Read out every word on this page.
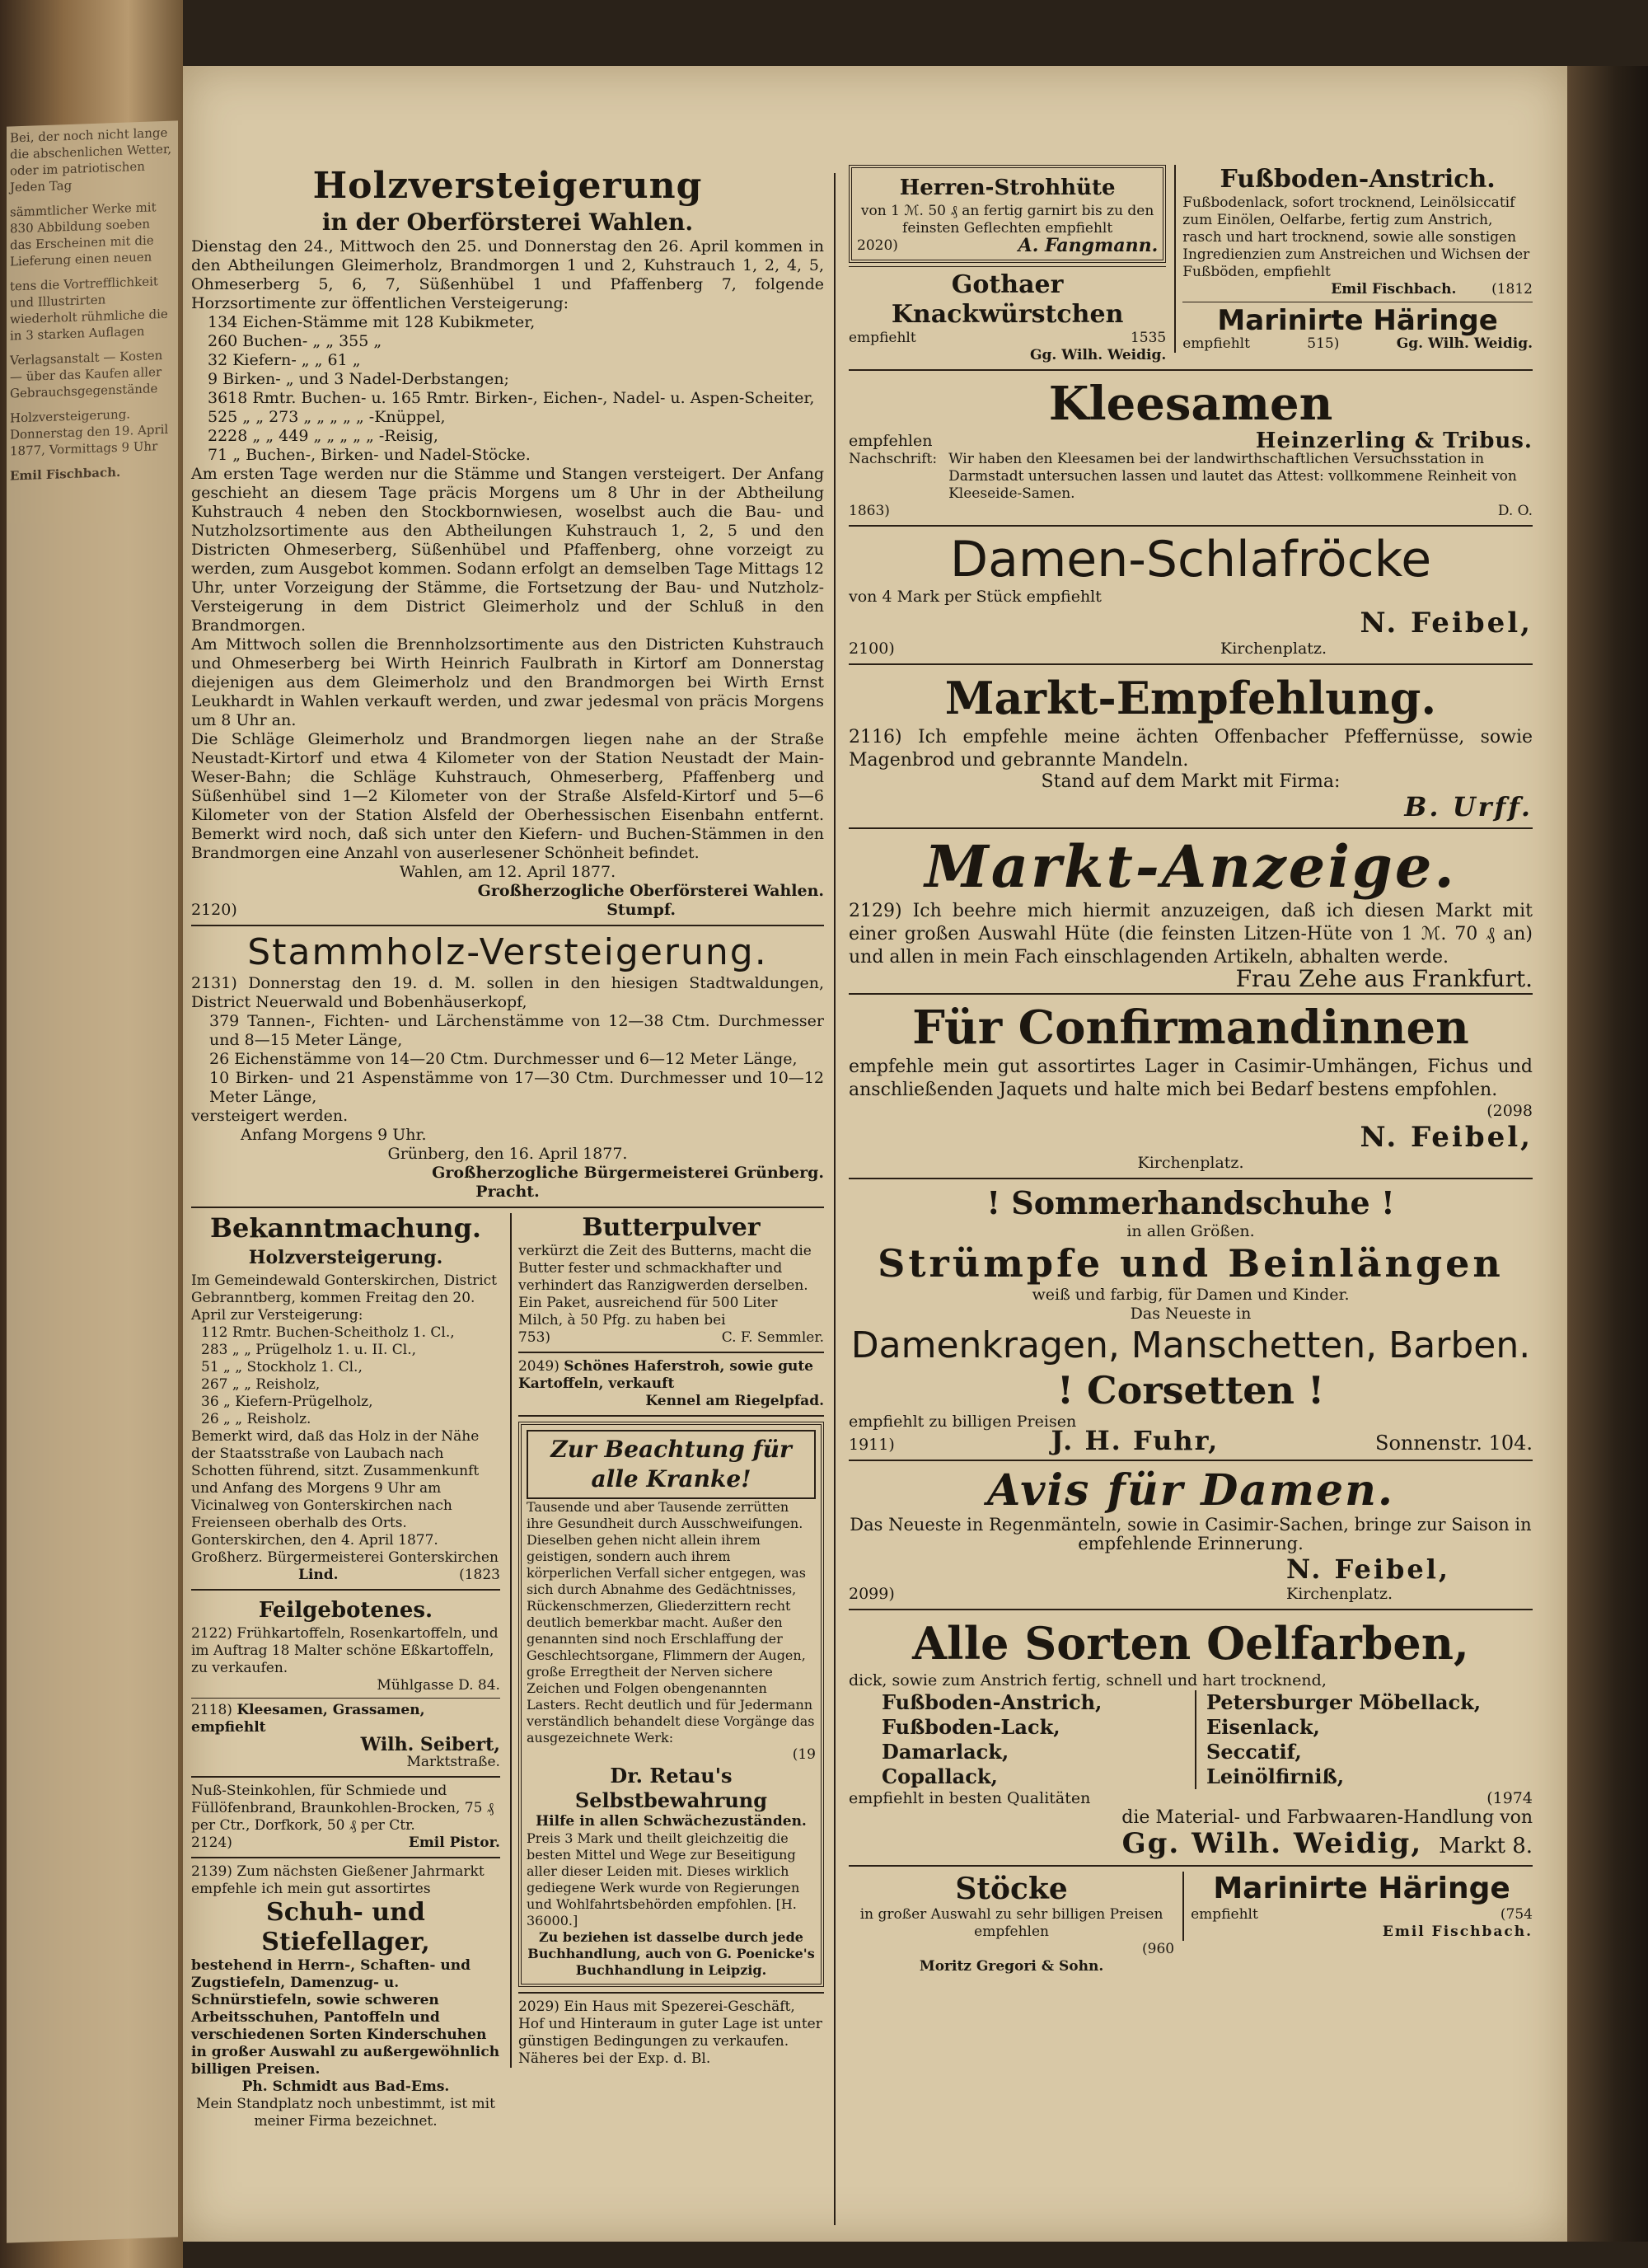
Bei, der noch nicht lange die abschenlichen Wetter, oder im patriotischen Jeden Tag

sämmtlicher Werke mit 830 Abbildung soeben das Erscheinen mit die Lieferung einen neuen

tens die Vortrefflichkeit und Illustrirten wiederholt rühmliche die in 3 starken Auflagen

Verlagsanstalt — Kosten — über das Kaufen aller Gebrauchsgegenstände

Holzversteigerung. Donnerstag den 19. April 1877, Vormittags 9 Uhr

Emil Fischbach.

Holzversteigerung
in der Oberförsterei Wahlen.
Dienstag den 24., Mittwoch den 25. und Donnerstag den 26. April kommen in den Abtheilungen Gleimerholz, Brandmorgen 1 und 2, Kuhstrauch 1, 2, 4, 5, Ohmeserberg 5, 6, 7, Süßenhübel 1 und Pfaffenberg 7, folgende Horzsortimente zur öffentlichen Versteigerung:
134 Eichen-Stämme mit 128 Kubikmeter,
260 Buchen- „ „ 355 „
32 Kiefern- „ „ 61 „
9 Birken- „ und 3 Nadel-Derbstangen;
3618 Rmtr. Buchen- u. 165 Rmtr. Birken-, Eichen-, Nadel- u. Aspen-Scheiter,
525 „ „ 273 „ „ „ „ „ -Knüppel,
2228 „ „ 449 „ „ „ „ „ -Reisig,
71 „ Buchen-, Birken- und Nadel-Stöcke.
Am ersten Tage werden nur die Stämme und Stangen versteigert. Der Anfang geschieht an diesem Tage präcis Morgens um 8 Uhr in der Abtheilung Kuhstrauch 4 neben den Stockbornwiesen, woselbst auch die Bau- und Nutzholzsortimente aus den Abtheilungen Kuhstrauch 1, 2, 5 und den Districten Ohmeserberg, Süßenhübel und Pfaffenberg, ohne vorzeigt zu werden, zum Ausgebot kommen. Sodann erfolgt an demselben Tage Mittags 12 Uhr, unter Vorzeigung der Stämme, die Fortsetzung der Bau- und Nutzholz-Versteigerung in dem District Gleimerholz und der Schluß in den Brandmorgen.
Am Mittwoch sollen die Brennholzsortimente aus den Districten Kuhstrauch und Ohmeserberg bei Wirth Heinrich Faulbrath in Kirtorf am Donnerstag diejenigen aus dem Gleimerholz und den Brandmorgen bei Wirth Ernst Leukhardt in Wahlen verkauft werden, und zwar jedesmal von präcis Morgens um 8 Uhr an.
Die Schläge Gleimerholz und Brandmorgen liegen nahe an der Straße Neustadt-Kirtorf und etwa 4 Kilometer von der Station Neustadt der Main-Weser-Bahn; die Schläge Kuhstrauch, Ohmeserberg, Pfaffenberg und Süßenhübel sind 1—2 Kilometer von der Straße Alsfeld-Kirtorf und 5—6 Kilometer von der Station Alsfeld der Oberhessischen Eisenbahn entfernt. Bemerkt wird noch, daß sich unter den Kiefern- und Buchen-Stämmen in den Brandmorgen eine Anzahl von auserlesener Schönheit befindet.
Wahlen, am 12. April 1877.
Großherzogliche Oberförsterei Wahlen.
2120)	Stumpf.
Stammholz-Versteigerung.
2131) Donnerstag den 19. d. M. sollen in den hiesigen Stadtwaldungen, District Neuerwald und Bobenhäuserkopf,
379 Tannen-, Fichten- und Lärchenstämme von 12—38 Ctm. Durchmesser und 8—15 Meter Länge,
26 Eichenstämme von 14—20 Ctm. Durchmesser und 6—12 Meter Länge,
10 Birken- und 21 Aspenstämme von 17—30 Ctm. Durchmesser und 10—12 Meter Länge,
versteigert werden.
Anfang Morgens 9 Uhr.
Grünberg, den 16. April 1877.
Großherzogliche Bürgermeisterei Grünberg.
Pracht.
Bekanntmachung.
Holzversteigerung.
Im Gemeindewald Gonterskirchen, District Gebranntberg, kommen Freitag den 20. April zur Versteigerung:
112 Rmtr. Buchen-Scheitholz 1. Cl.,
283 „ „ Prügelholz 1. u. II. Cl.,
51 „ „ Stockholz 1. Cl.,
267 „ „ Reisholz,
36 „ Kiefern-Prügelholz,
26 „ „ Reisholz.
Bemerkt wird, daß das Holz in der Nähe der Staatsstraße von Laubach nach Schotten führend, sitzt. Zusammenkunft und Anfang des Morgens 9 Uhr am Vicinalweg von Gonterskirchen nach Freienseen oberhalb des Orts.
Gonterskirchen, den 4. April 1877.
Großherz. Bürgermeisterei Gonterskirchen
Lind.	(1823
Feilgebotenes.
2122) Frühkartoffeln, Rosenkartoffeln, und im Auftrag 18 Malter schöne Eßkartoffeln, zu verkaufen.
Mühlgasse D. 84.
2118) Kleesamen, Grassamen, empfiehlt
Wilh. Seibert,
Marktstraße.
Nuß-Steinkohlen, für Schmiede und Füllöfenbrand, Braunkohlen-Brocken, 75 ₰ per Ctr., Dorfkork, 50 ₰ per Ctr.
2124)	Emil Pistor.
2139) Zum nächsten Gießener Jahrmarkt empfehle ich mein gut assortirtes
Schuh- und Stiefellager,
bestehend in Herrn-, Schaften- und Zugstiefeln, Damenzug- u. Schnürstiefeln, sowie schweren Arbeitsschuhen, Pantoffeln und verschiedenen Sorten Kinderschuhen in großer Auswahl zu außergewöhnlich billigen Preisen.
Ph. Schmidt aus Bad-Ems.
Mein Standplatz noch unbestimmt, ist mit meiner Firma bezeichnet.
Butterpulver
verkürzt die Zeit des Butterns, macht die Butter fester und schmackhafter und verhindert das Ranzigwerden derselben. Ein Paket, ausreichend für 500 Liter Milch, à 50 Pfg. zu haben bei
753)	C. F. Semmler.
2049) Schönes Haferstroh, sowie gute Kartoffeln, verkauft
Kennel am Riegelpfad.
Zur Beachtung für alle Kranke!
Tausende und aber Tausende zerrütten ihre Gesundheit durch Ausschweifungen. Dieselben gehen nicht allein ihrem geistigen, sondern auch ihrem körperlichen Verfall sicher entgegen, was sich durch Abnahme des Gedächtnisses, Rückenschmerzen, Gliederzittern recht deutlich bemerkbar macht. Außer den genannten sind noch Erschlaffung der Geschlechtsorgane, Flimmern der Augen, große Erregtheit der Nerven sichere Zeichen und Folgen obengenannten Lasters. Recht deutlich und für Jedermann verständlich behandelt diese Vorgänge das ausgezeichnete Werk:
(19
Dr. Retau's Selbstbewahrung
Hilfe in allen Schwächezuständen.
Preis 3 Mark und theilt gleichzeitig die besten Mittel und Wege zur Beseitigung aller dieser Leiden mit. Dieses wirklich gediegene Werk wurde von Regierungen und Wohlfahrtsbehörden empfohlen. [H. 36000.]
Zu beziehen ist dasselbe durch jede Buchhandlung, auch von G. Poenicke's Buchhandlung in Leipzig.
2029) Ein Haus mit Spezerei-Geschäft, Hof und Hinteraum in guter Lage ist unter günstigen Bedingungen zu verkaufen. Näheres bei der Exp. d. Bl.
Herren-Strohhüte
von 1 ℳ. 50 ₰ an fertig garnirt bis zu den feinsten Geflechten empfiehlt
2020)	A. Fangmann.
Gothaer Knackwürstchen
empfiehlt	1535
Gg. Wilh. Weidig.
Fußboden-Anstrich.
Fußbodenlack, sofort trocknend, Leinölsiccatif zum Einölen, Oelfarbe, fertig zum Anstrich, rasch und hart trocknend, sowie alle sonstigen Ingredienzien zum Anstreichen und Wichsen der Fußböden, empfiehlt
Emil Fischbach.	(1812
Marinirte Häringe
empfiehlt	515)	Gg. Wilh. Weidig.
Kleesamen
empfehlen	Heinzerling & Tribus.
Nachschrift: Wir haben den Kleesamen bei der landwirthschaftlichen Versuchsstation in Darmstadt untersuchen lassen und lautet das Attest: vollkommene Reinheit von Kleeseide-Samen.
1863)	D. O.
Damen-Schlafröcke
von 4 Mark per Stück empfiehlt
N. Feibel,
2100)	Kirchenplatz.
Markt-Empfehlung.
2116) Ich empfehle meine ächten Offenbacher Pfeffernüsse, sowie Magenbrod und gebrannte Mandeln.
Stand auf dem Markt mit Firma:
B. Urff.
Markt-Anzeige.
2129) Ich beehre mich hiermit anzuzeigen, daß ich diesen Markt mit einer großen Auswahl Hüte (die feinsten Litzen-Hüte von 1 ℳ. 70 ₰ an) und allen in mein Fach einschlagenden Artikeln, abhalten werde.
Frau Zehe aus Frankfurt.
Für Confirmandinnen
empfehle mein gut assortirtes Lager in Casimir-Umhängen, Fichus und anschließenden Jaquets und halte mich bei Bedarf bestens empfohlen.
(2098
N. Feibel,
Kirchenplatz.
! Sommerhandschuhe !
in allen Größen.
Strümpfe und Beinlängen
weiß und farbig, für Damen und Kinder.
Das Neueste in
Damenkragen, Manschetten, Barben.
! Corsetten !
empfiehlt zu billigen Preisen
1911)	J. H. Fuhr,	Sonnenstr. 104.
Avis für Damen.
Das Neueste in Regenmänteln, sowie in Casimir-Sachen, bringe zur Saison in empfehlende Erinnerung.
N. Feibel,
2099)	Kirchenplatz.
Alle Sorten Oelfarben,
dick, sowie zum Anstrich fertig, schnell und hart trocknend,
Fußboden-Anstrich,
Fußboden-Lack,
Damarlack,
Copallack,
Petersburger Möbellack,
Eisenlack,
Seccatif,
Leinölfirniß,
empfiehlt in besten Qualitäten	(1974
die Material- und Farbwaaren-Handlung von
Gg. Wilh. Weidig, Markt 8.
Stöcke
in großer Auswahl zu sehr billigen Preisen empfehlen
(960
Moritz Gregori & Sohn.
Marinirte Häringe
empfiehlt	(754
Emil Fischbach.
